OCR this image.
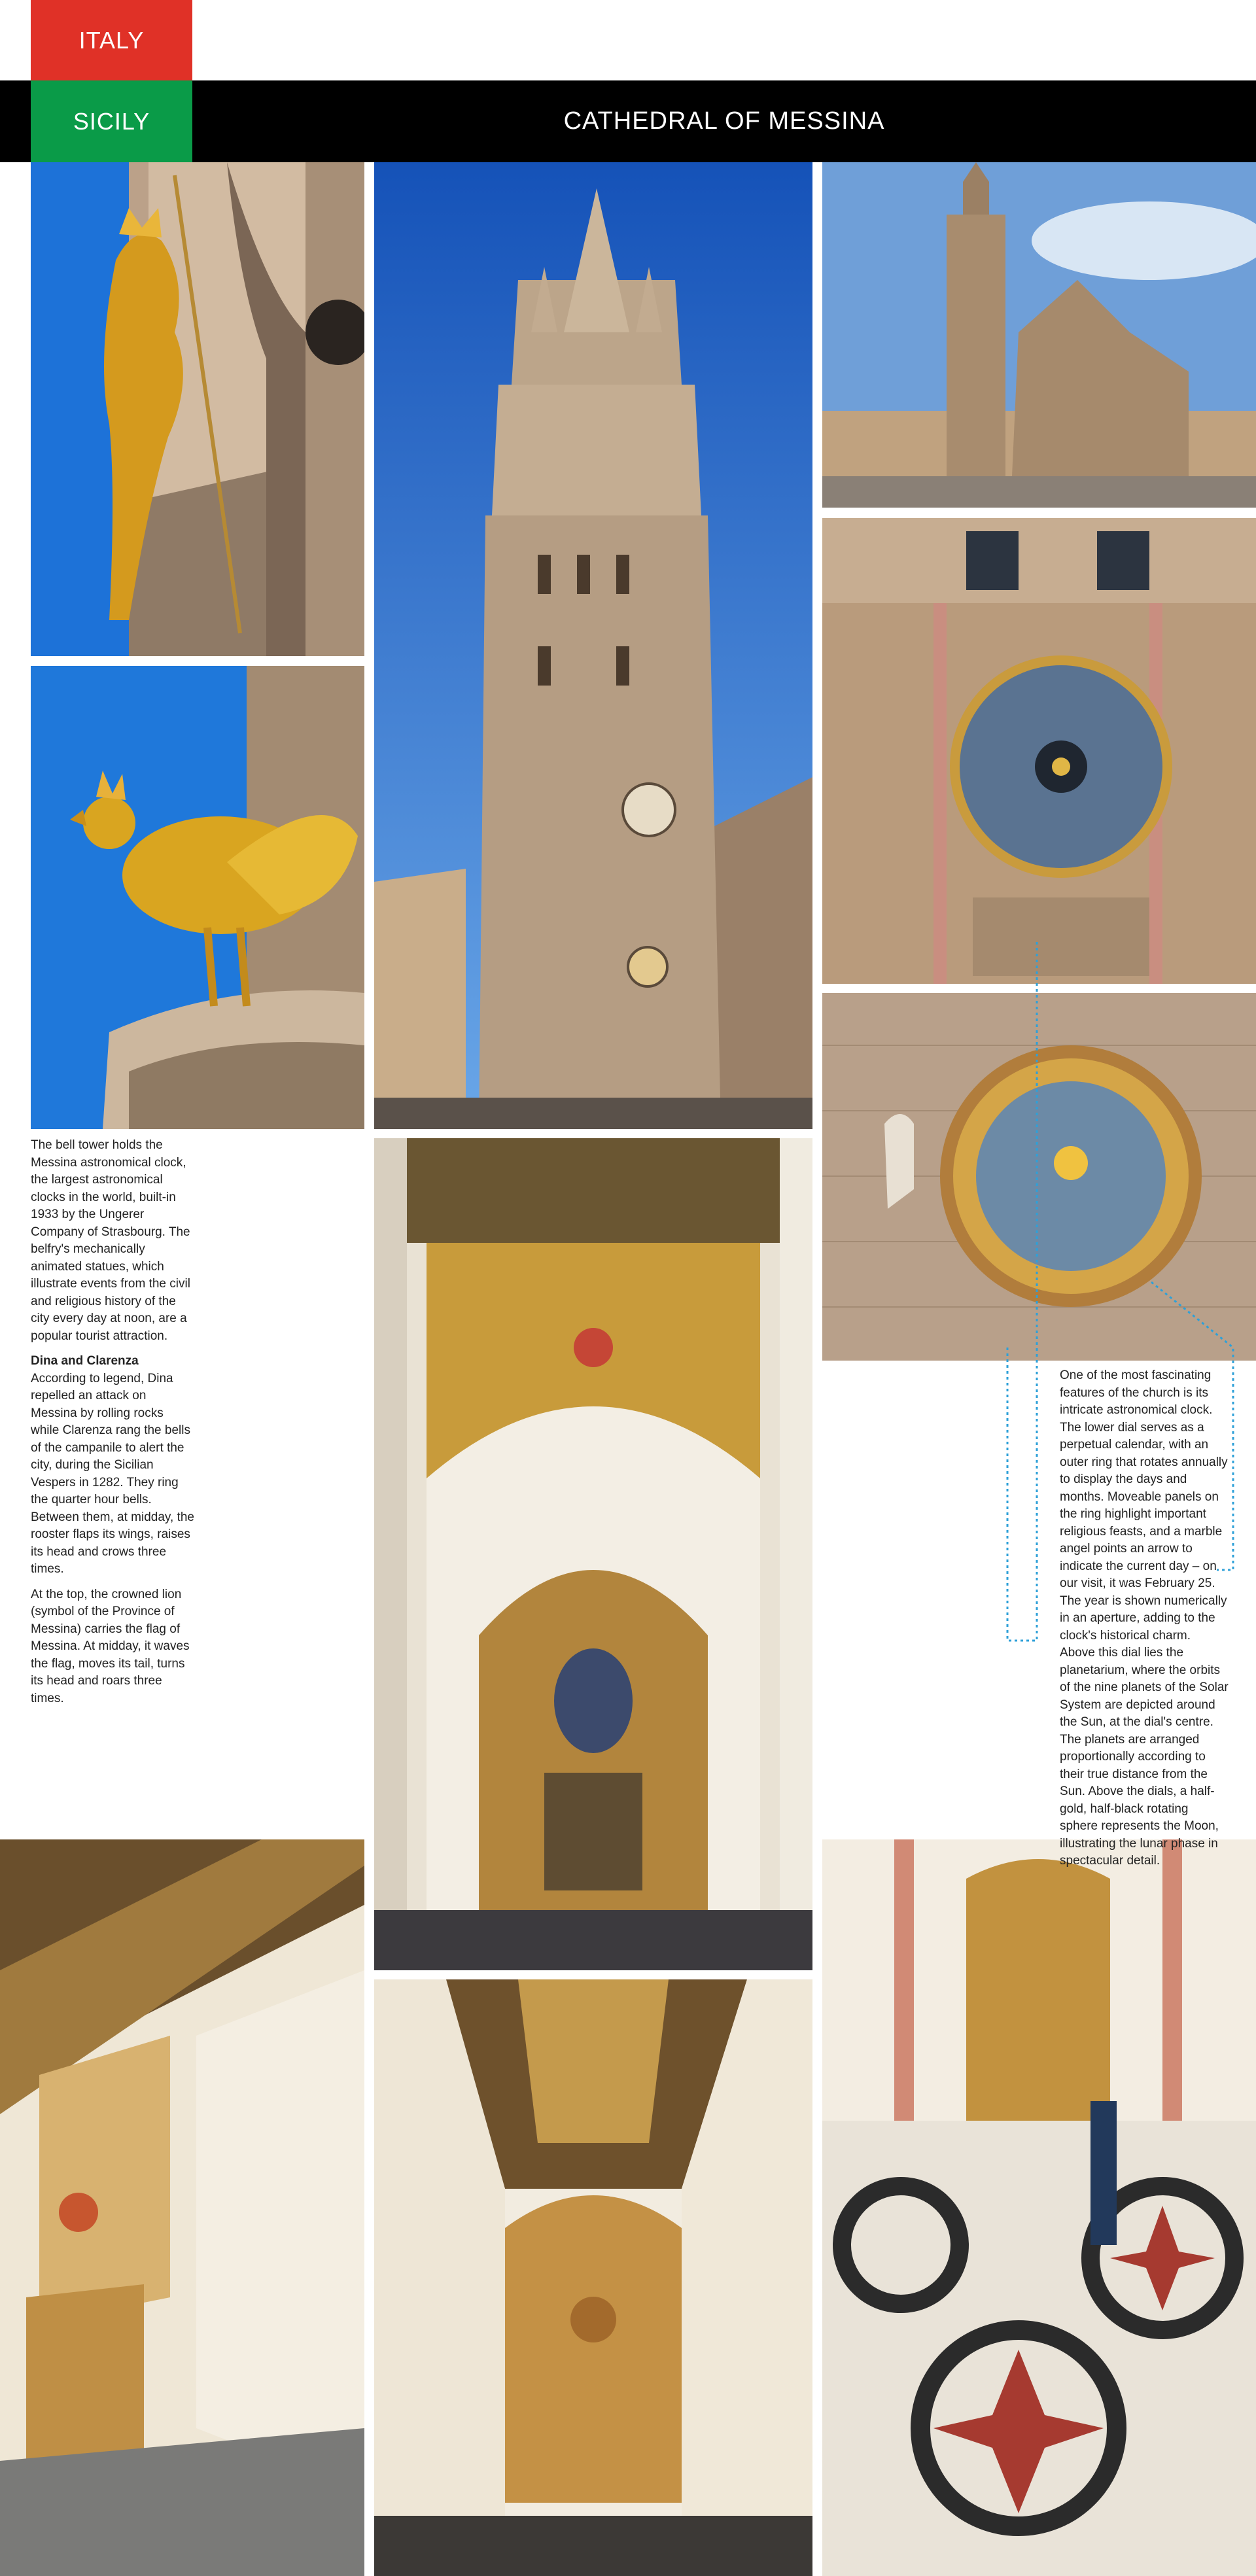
ITALY
SICILY	CATHEDRAL OF MESSINA

The bell tower holds the Messina astronomical clock, the largest astronomical clocks in the world, built-in 1933 by the Ungerer Company of Strasbourg. The belfry's mechanically animated statues, which illustrate events from the civil and religious history of the city every day at noon, are a popular tourist attraction.

Dina and Clarenza

According to legend, Dina repelled an attack on Messina by rolling rocks while Clarenza rang the bells of the campanile to alert the city, during the Sicilian Vespers in 1282. They ring the quarter hour bells. Between them, at midday, the rooster flaps its wings, raises its head and crows three times.

At the top, the crowned lion (symbol of the Province of Messina) carries the flag of Messina. At midday, it waves the flag, moves its tail, turns its head and roars three times.

One of the most fascinating features of the church is its intricate astronomical clock. The lower dial serves as a perpetual calendar, with an outer ring that rotates annually to display the days and months. Moveable panels on the ring highlight important religious feasts, and a marble angel points an arrow to indicate the current day – on our visit, it was February 25. The year is shown numerically in an aperture, adding to the clock's historical charm. Above this dial lies the planetarium, where the orbits of the nine planets of the Solar System are depicted around the Sun, at the dial's centre. The planets are arranged proportionally according to their true distance from the Sun. Above the dials, a half-gold, half-black rotating sphere represents the Moon, illustrating the lunar phase in spectacular detail.
